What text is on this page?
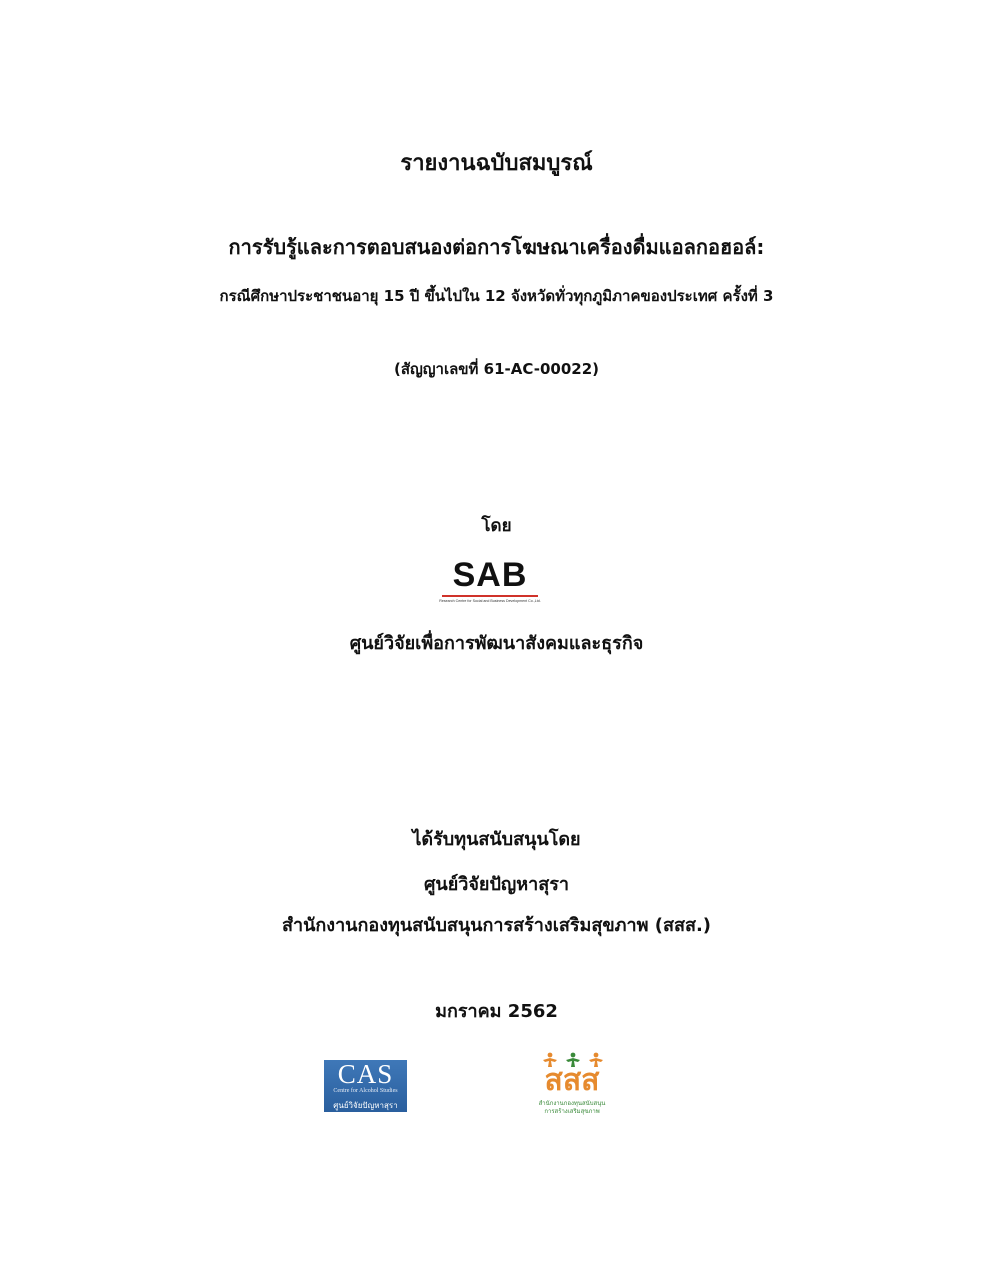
รายงานฉบับสมบูรณ์
การรับรู้และการตอบสนองต่อการโฆษณาเครื่องดื่มแอลกอฮอล์:
กรณีศึกษาประชาชนอายุ 15 ปี ขึ้นไปใน 12 จังหวัดทั่วทุกภูมิภาคของประเทศ ครั้งที่ 3
(สัญญาเลขที่ 61-AC-00022)
โดย
SAB
Research Centre for Social and Business Development Co.,Ltd.
ศูนย์วิจัยเพื่อการพัฒนาสังคมและธุรกิจ
ได้รับทุนสนับสนุนโดย
ศูนย์วิจัยปัญหาสุรา
สำนักงานกองทุนสนับสนุนการสร้างเสริมสุขภาพ (สสส.)
มกราคม 2562
CAS
Centre for Alcohol Studies
ศูนย์วิจัยปัญหาสุรา
สสส
สำนักงานกองทุนสนับสนุน
การสร้างเสริมสุขภาพ
